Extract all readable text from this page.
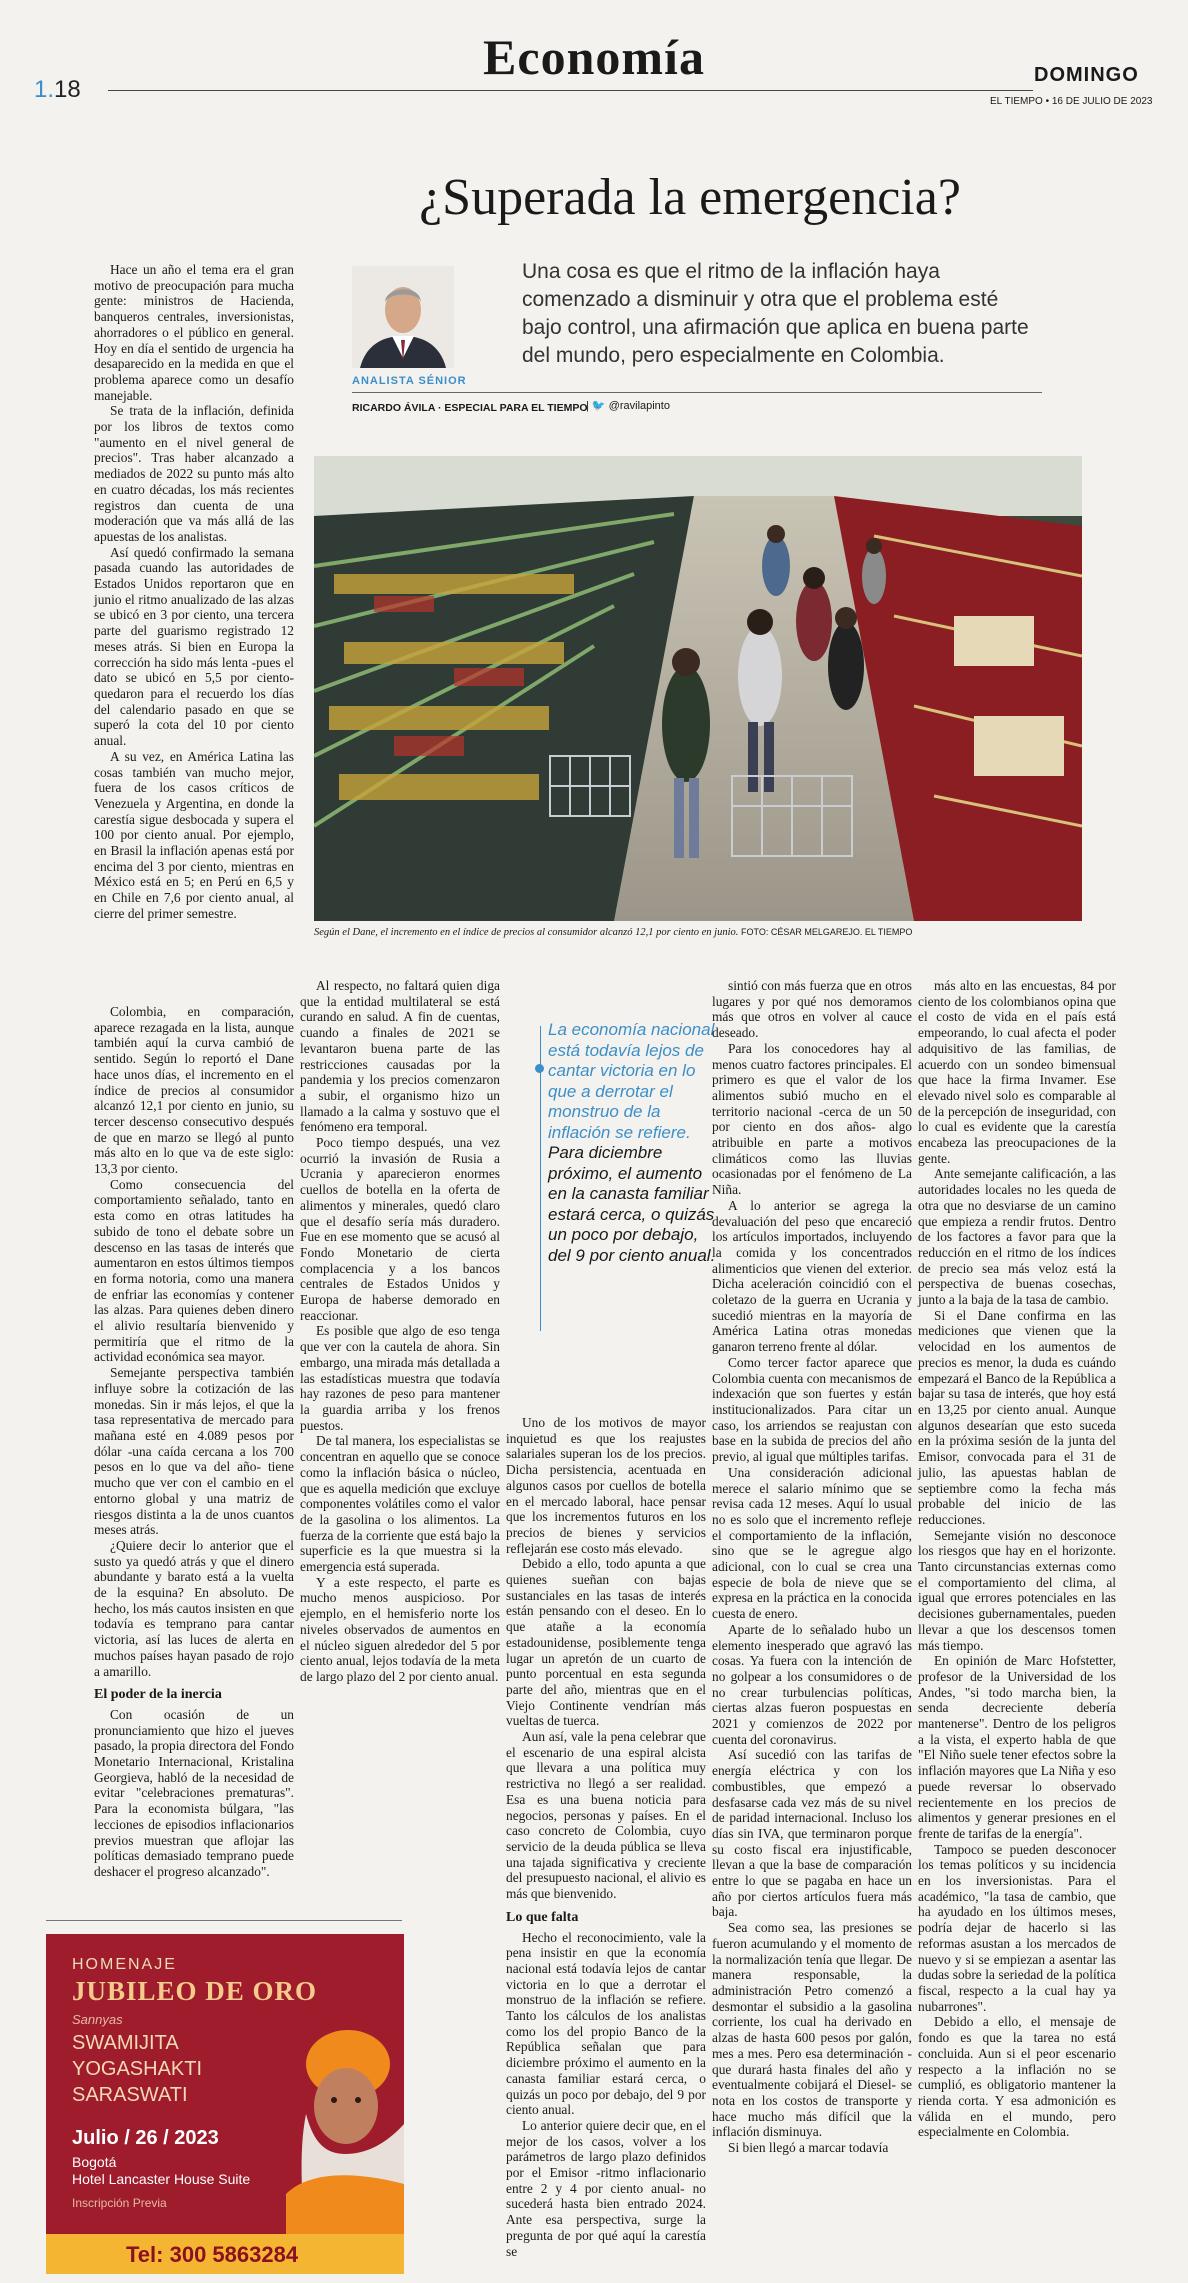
Economía
1.18
DOMINGO
EL TIEMPO • 16 DE JULIO DE 2023
¿Superada la emergencia?
ANALISTA SÉNIOR
Una cosa es que el ritmo de la inflación haya comenzado a disminuir y otra que el problema esté bajo control, una afirmación que aplica en buena parte del mundo, pero especialmente en Colombia.
RICARDO ÁVILA · ESPECIAL PARA EL TIEMPO
| 🐦 @ravilapinto
Según el Dane, el incremento en el índice de precios al consumidor alcanzó 12,1 por ciento en junio. FOTO: CÉSAR MELGAREJO. EL TIEMPO

Hace un año el tema era el gran motivo de preocupación para mucha gente: ministros de Hacienda, banqueros centrales, inversionistas, ahorradores o el público en general. Hoy en día el sentido de urgencia ha desaparecido en la medida en que el problema aparece como un desafío manejable.

Se trata de la inflación, definida por los libros de textos como "aumento en el nivel general de precios". Tras haber alcanzado a mediados de 2022 su punto más alto en cuatro décadas, los más recientes registros dan cuenta de una moderación que va más allá de las apuestas de los analistas.

Así quedó confirmado la semana pasada cuando las autoridades de Estados Unidos reportaron que en junio el ritmo anualizado de las alzas se ubicó en 3 por ciento, una tercera parte del guarismo registrado 12 meses atrás. Si bien en Europa la corrección ha sido más lenta -pues el dato se ubicó en 5,5 por ciento- quedaron para el recuerdo los días del calendario pasado en que se superó la cota del 10 por ciento anual.

A su vez, en América Latina las cosas también van mucho mejor, fuera de los casos críticos de Venezuela y Argentina, en donde la carestía sigue desbocada y supera el 100 por ciento anual. Por ejemplo, en Brasil la inflación apenas está por encima del 3 por ciento, mientras en México está en 5; en Perú en 6,5 y en Chile en 7,6 por ciento anual, al cierre del primer semestre.

Colombia, en comparación, aparece rezagada en la lista, aunque también aquí la curva cambió de sentido. Según lo reportó el Dane hace unos días, el incremento en el índice de precios al consumidor alcanzó 12,1 por ciento en junio, su tercer descenso consecutivo después de que en marzo se llegó al punto más alto en lo que va de este siglo: 13,3 por ciento.

Como consecuencia del comportamiento señalado, tanto en esta como en otras latitudes ha subido de tono el debate sobre un descenso en las tasas de interés que aumentaron en estos últimos tiempos en forma notoria, como una manera de enfriar las economías y contener las alzas. Para quienes deben dinero el alivio resultaría bienvenido y permitiría que el ritmo de la actividad económica sea mayor.

Semejante perspectiva también influye sobre la cotización de las monedas. Sin ir más lejos, el que la tasa representativa de mercado para mañana esté en 4.089 pesos por dólar -una caída cercana a los 700 pesos en lo que va del año- tiene mucho que ver con el cambio en el entorno global y una matriz de riesgos distinta a la de unos cuantos meses atrás.

¿Quiere decir lo anterior que el susto ya quedó atrás y que el dinero abundante y barato está a la vuelta de la esquina? En absoluto. De hecho, los más cautos insisten en que todavía es temprano para cantar victoria, así las luces de alerta en muchos países hayan pasado de rojo a amarillo.

El poder de la inercia

Con ocasión de un pronunciamiento que hizo el jueves pasado, la propia directora del Fondo Monetario Internacional, Kristalina Georgieva, habló de la necesidad de evitar "celebraciones prematuras". Para la economista búlgara, "las lecciones de episodios inflacionarios previos muestran que aflojar las políticas demasiado temprano puede deshacer el progreso alcanzado".

Al respecto, no faltará quien diga que la entidad multilateral se está curando en salud. A fin de cuentas, cuando a finales de 2021 se levantaron buena parte de las restricciones causadas por la pandemia y los precios comenzaron a subir, el organismo hizo un llamado a la calma y sostuvo que el fenómeno era temporal.

Poco tiempo después, una vez ocurrió la invasión de Rusia a Ucrania y aparecieron enormes cuellos de botella en la oferta de alimentos y minerales, quedó claro que el desafío sería más duradero. Fue en ese momento que se acusó al Fondo Monetario de cierta complacencia y a los bancos centrales de Estados Unidos y Europa de haberse demorado en reaccionar.

Es posible que algo de eso tenga que ver con la cautela de ahora. Sin embargo, una mirada más detallada a las estadísticas muestra que todavía hay razones de peso para mantener la guardia arriba y los frenos puestos.

De tal manera, los especialistas se concentran en aquello que se conoce como la inflación básica o núcleo, que es aquella medición que excluye componentes volátiles como el valor de la gasolina o los alimentos. La fuerza de la corriente que está bajo la superficie es la que muestra si la emergencia está superada.

Y a este respecto, el parte es mucho menos auspicioso. Por ejemplo, en el hemisferio norte los niveles observados de aumentos en el núcleo siguen alrededor del 5 por ciento anual, lejos todavía de la meta de largo plazo del 2 por ciento anual.

La economía nacional está todavía lejos de cantar victoria en lo que a derrotar el monstruo de la inflación se refiere. Para diciembre próximo, el aumento en la canasta familiar estará cerca, o quizás un poco por debajo, del 9 por ciento anual.

Uno de los motivos de mayor inquietud es que los reajustes salariales superan los de los precios. Dicha persistencia, acentuada en algunos casos por cuellos de botella en el mercado laboral, hace pensar que los incrementos futuros en los precios de bienes y servicios reflejarán ese costo más elevado.

Debido a ello, todo apunta a que quienes sueñan con bajas sustanciales en las tasas de interés están pensando con el deseo. En lo que atañe a la economía estadounidense, posiblemente tenga lugar un apretón de un cuarto de punto porcentual en esta segunda parte del año, mientras que en el Viejo Continente vendrían más vueltas de tuerca.

Aun así, vale la pena celebrar que el escenario de una espiral alcista que llevara a una política muy restrictiva no llegó a ser realidad. Esa es una buena noticia para negocios, personas y países. En el caso concreto de Colombia, cuyo servicio de la deuda pública se lleva una tajada significativa y creciente del presupuesto nacional, el alivio es más que bienvenido.

Lo que falta

Hecho el reconocimiento, vale la pena insistir en que la economía nacional está todavía lejos de cantar victoria en lo que a derrotar el monstruo de la inflación se refiere. Tanto los cálculos de los analistas como los del propio Banco de la República señalan que para diciembre próximo el aumento en la canasta familiar estará cerca, o quizás un poco por debajo, del 9 por ciento anual.

Lo anterior quiere decir que, en el mejor de los casos, volver a los parámetros de largo plazo definidos por el Emisor -ritmo inflacionario entre 2 y 4 por ciento anual- no sucederá hasta bien entrado 2024. Ante esa perspectiva, surge la pregunta de por qué aquí la carestía se

sintió con más fuerza que en otros lugares y por qué nos demoramos más que otros en volver al cauce deseado.

Para los conocedores hay al menos cuatro factores principales. El primero es que el valor de los alimentos subió mucho en el territorio nacional -cerca de un 50 por ciento en dos años- algo atribuible en parte a motivos climáticos como las lluvias ocasionadas por el fenómeno de La Niña.

A lo anterior se agrega la devaluación del peso que encareció los artículos importados, incluyendo la comida y los concentrados alimenticios que vienen del exterior. Dicha aceleración coincidió con el coletazo de la guerra en Ucrania y sucedió mientras en la mayoría de América Latina otras monedas ganaron terreno frente al dólar.

Como tercer factor aparece que Colombia cuenta con mecanismos de indexación que son fuertes y están institucionalizados. Para citar un caso, los arriendos se reajustan con base en la subida de precios del año previo, al igual que múltiples tarifas.

Una consideración adicional merece el salario mínimo que se revisa cada 12 meses. Aquí lo usual no es solo que el incremento refleje el comportamiento de la inflación, sino que se le agregue algo adicional, con lo cual se crea una especie de bola de nieve que se expresa en la práctica en la conocida cuesta de enero.

Aparte de lo señalado hubo un elemento inesperado que agravó las cosas. Ya fuera con la intención de no golpear a los consumidores o de no crear turbulencias políticas, ciertas alzas fueron pospuestas en 2021 y comienzos de 2022 por cuenta del coronavirus.

Así sucedió con las tarifas de energía eléctrica y con los combustibles, que empezó a desfasarse cada vez más de su nivel de paridad internacional. Incluso los días sin IVA, que terminaron porque su costo fiscal era injustificable, llevan a que la base de comparación entre lo que se pagaba en hace un año por ciertos artículos fuera más baja.

Sea como sea, las presiones se fueron acumulando y el momento de la normalización tenía que llegar. De manera responsable, la administración Petro comenzó a desmontar el subsidio a la gasolina corriente, los cual ha derivado en alzas de hasta 600 pesos por galón, mes a mes. Pero esa determinación -que durará hasta finales del año y eventualmente cobijará el Diesel- se nota en los costos de transporte y hace mucho más difícil que la inflación disminuya.

Si bien llegó a marcar todavía

más alto en las encuestas, 84 por ciento de los colombianos opina que el costo de vida en el país está empeorando, lo cual afecta el poder adquisitivo de las familias, de acuerdo con un sondeo bimensual que hace la firma Invamer. Ese elevado nivel solo es comparable al de la percepción de inseguridad, con lo cual es evidente que la carestía encabeza las preocupaciones de la gente.

Ante semejante calificación, a las autoridades locales no les queda de otra que no desviarse de un camino que empieza a rendir frutos. Dentro de los factores a favor para que la reducción en el ritmo de los índices de precio sea más veloz está la perspectiva de buenas cosechas, junto a la baja de la tasa de cambio.

Si el Dane confirma en las mediciones que vienen que la velocidad en los aumentos de precios es menor, la duda es cuándo empezará el Banco de la República a bajar su tasa de interés, que hoy está en 13,25 por ciento anual. Aunque algunos desearían que esto suceda en la próxima sesión de la junta del Emisor, convocada para el 31 de julio, las apuestas hablan de septiembre como la fecha más probable del inicio de las reducciones.

Semejante visión no desconoce los riesgos que hay en el horizonte. Tanto circunstancias externas como el comportamiento del clima, al igual que errores potenciales en las decisiones gubernamentales, pueden llevar a que los descensos tomen más tiempo.

En opinión de Marc Hofstetter, profesor de la Universidad de los Andes, "si todo marcha bien, la senda decreciente debería mantenerse". Dentro de los peligros a la vista, el experto habla de que "El Niño suele tener efectos sobre la inflación mayores que La Niña y eso puede reversar lo observado recientemente en los precios de alimentos y generar presiones en el frente de tarifas de la energía".

Tampoco se pueden desconocer los temas políticos y su incidencia en los inversionistas. Para el académico, "la tasa de cambio, que ha ayudado en los últimos meses, podría dejar de hacerlo si las reformas asustan a los mercados de nuevo y si se empiezan a asentar las dudas sobre la seriedad de la política fiscal, respecto a la cual hay ya nubarrones".

Debido a ello, el mensaje de fondo es que la tarea no está concluida. Aun si el peor escenario respecto a la inflación no se cumplió, es obligatorio mantener la rienda corta. Y esa admonición es válida en el mundo, pero especialmente en Colombia.

HOMENAJE
JUBILEO DE ORO
Sannyas
SWAMIJITA
YOGASHAKTI
SARASWATI
Julio / 26 / 2023
Bogotá
Hotel Lancaster House Suite
Inscripción Previa
Tel: 300 5863284
